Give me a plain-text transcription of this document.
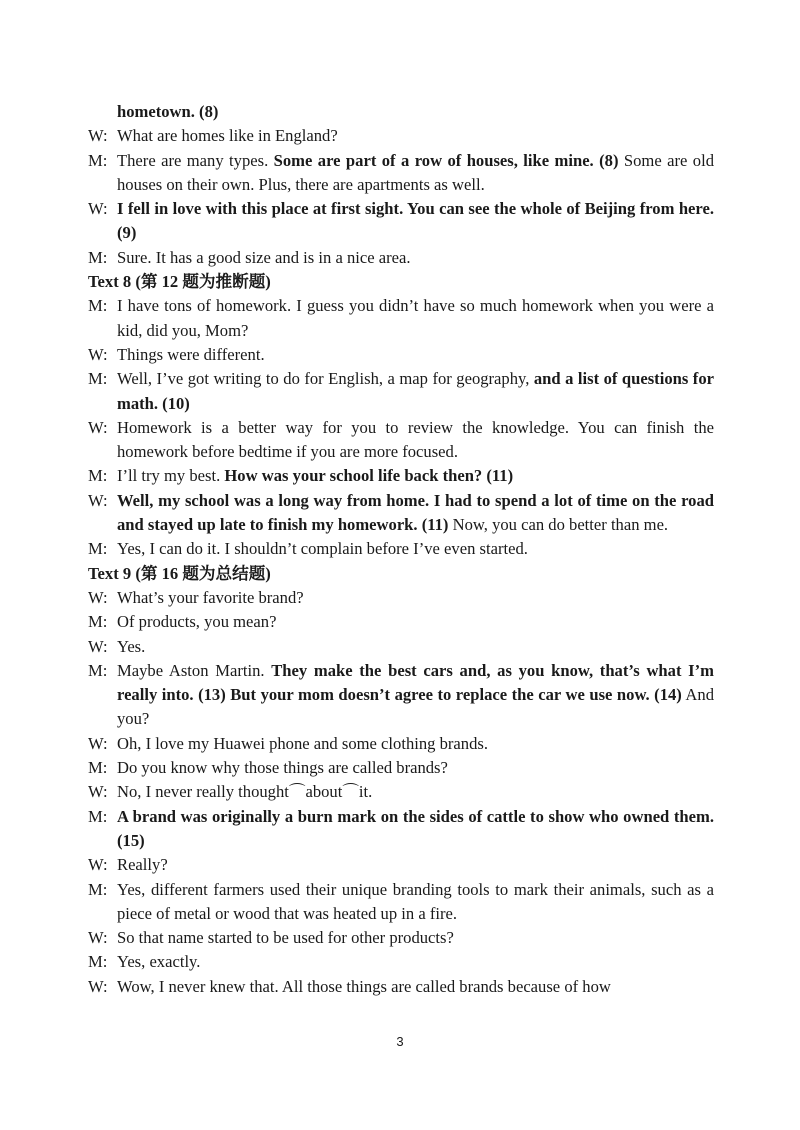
hometown. (8)
W: What are homes like in England?
M: There are many types. Some are part of a row of houses, like mine. (8) Some are old houses on their own. Plus, there are apartments as well.
W: I fell in love with this place at first sight. You can see the whole of Beijing from here. (9)
M: Sure. It has a good size and is in a nice area.
Text 8 (第 12 题为推断题)
M: I have tons of homework. I guess you didn’t have so much homework when you were a kid, did you, Mom?
W: Things were different.
M: Well, I’ve got writing to do for English, a map for geography, and a list of questions for math. (10)
W: Homework is a better way for you to review the knowledge. You can finish the homework before bedtime if you are more focused.
M: I’ll try my best. How was your school life back then? (11)
W: Well, my school was a long way from home. I had to spend a lot of time on the road and stayed up late to finish my homework. (11) Now, you can do better than me.
M: Yes, I can do it. I shouldn’t complain before I’ve even started.
Text 9 (第 16 题为总结题)
W: What’s your favorite brand?
M: Of products, you mean?
W: Yes.
M: Maybe Aston Martin. They make the best cars and, as you know, that’s what I’m really into. (13) But your mom doesn’t agree to replace the car we use now. (14) And you?
W: Oh, I love my Huawei phone and some clothing brands.
M: Do you know why those things are called brands?
W: No, I never really thought⌒about⌒it.
M: A brand was originally a burn mark on the sides of cattle to show who owned them. (15)
W: Really?
M: Yes, different farmers used their unique branding tools to mark their animals, such as a piece of metal or wood that was heated up in a fire.
W: So that name started to be used for other products?
M: Yes, exactly.
W: Wow, I never knew that. All those things are called brands because of how
3
